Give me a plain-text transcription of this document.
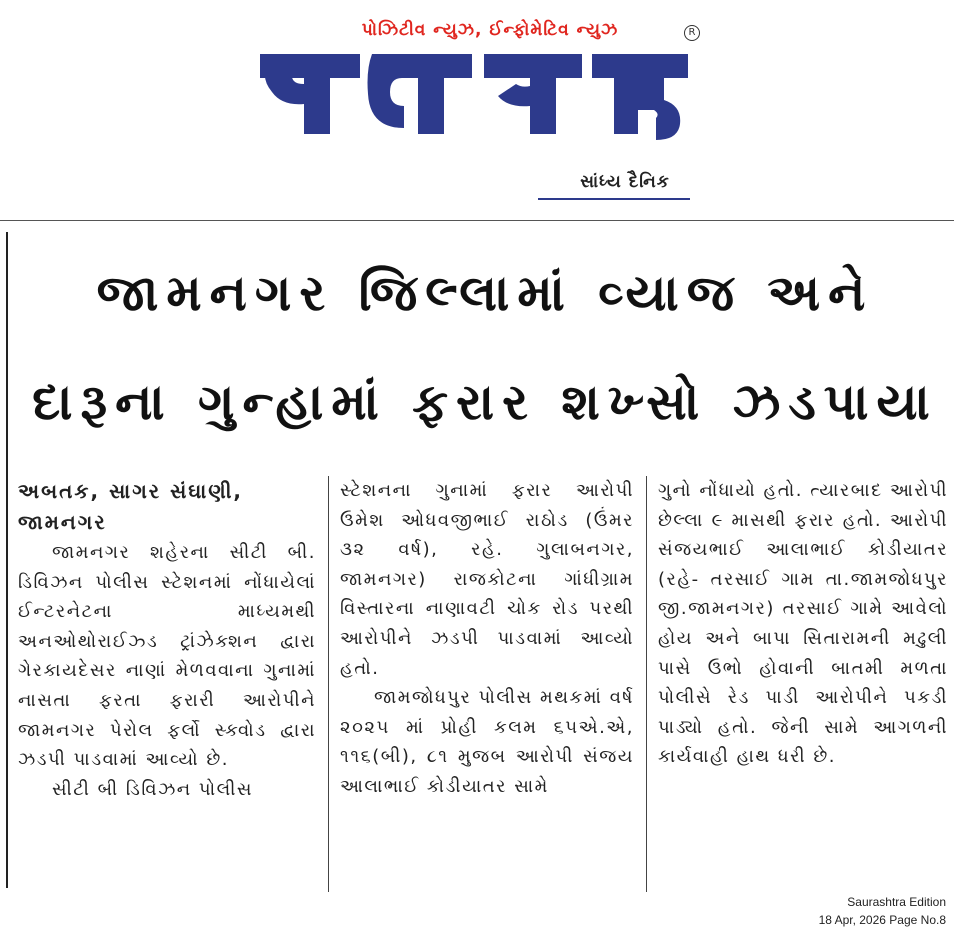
પોઝિટીવ ન્યુઝ, ઈન્ફોમેટિવ ન્યુઝ	R
અબતક
સાંધ્ય દૈનિક
જામનગર જિલ્લામાં વ્યાજ અને
દારૂના ગુન્હામાં ફરાર શખ્સો ઝડપાયા

અબતક, સાગર સંઘાણી,

જામનગર

જામનગર શહેરના સીટી બી. ડિવિઝન પોલીસ સ્ટેશનમાં નોંધાયેલાં ઈન્ટરનેટના માધ્યમથી અનઓથોરાઈઝ્ડ ટ્રાંઝેક્શન દ્વારા ગેરકાયદેસર નાણાં મેળવવાના ગુનામાં નાસતા ફરતા ફરારી આરોપીને જામનગર પેરોલ ફર્લો સ્ક્વોડ દ્વારા ઝડપી પાડવામાં આવ્યો છે.

સીટી બી ડિવિઝન પોલીસ

સ્ટેશનના ગુનામાં ફરાર આરોપી ઉમેશ ઓધવજીભાઈ રાઠોડ (ઉંમર ૩૨ વર્ષ), રહે. ગુલાબનગર, જામનગર) રાજકોટના ગાંધીગ્રામ વિસ્તારના નાણાવટી ચોક રોડ પરથી આરોપીને ઝડપી પાડવામાં આવ્યો હતો.

જામજોધપુર પોલીસ મથકમાં વર્ષ ૨૦૨૫ માં પ્રોહી કલમ ૬૫એ.એ, ૧૧૬(બી), ૮૧ મુજબ આરોપી સંજય આલાભાઈ કોડીયાતર સામે

ગુનો નોંધાયો હતો. ત્યારબાદ આરોપી છેલ્લા ૯ માસથી ફરાર હતો. આરોપી સંજયભાઈ આલાભાઈ કોડીયાતર (રહે- તરસાઈ ગામ તા.જામજોધપુર જી.જામનગર) તરસાઈ ગામે આવેલો હોય અને બાપા સિતારામની મઢુલી પાસે ઉભો હોવાની બાતમી મળતા પોલીસે રેડ પાડી આરોપીને પકડી પાડ્યો હતો. જેની સામે આગળની કાર્યવાહી હાથ ધરી છે.

Saurashtra Edition
18 Apr, 2026 Page No.8
